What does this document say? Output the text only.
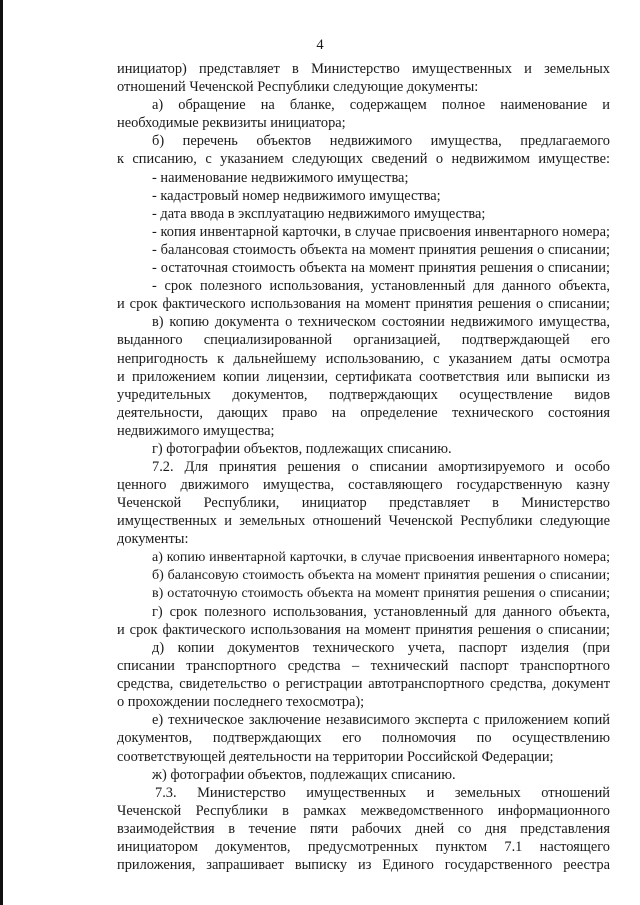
4
инициатор) представляет в Министерство имущественных и земельных
отношений Чеченской Республики следующие документы:
а) обращение на бланке, содержащем полное наименование и
необходимые реквизиты инициатора;
б) перечень объектов недвижимого имущества, предлагаемого
к списанию, с указанием следующих сведений о недвижимом имуществе:
- наименование недвижимого имущества;
- кадастровый номер недвижимого имущества;
- дата ввода в эксплуатацию недвижимого имущества;
- копия инвентарной карточки, в случае присвоения инвентарного номера;
- балансовая стоимость объекта на момент принятия решения о списании;
- остаточная стоимость объекта на момент принятия решения о списании;
- срок полезного использования, установленный для данного объекта,
и срок фактического использования на момент принятия решения о списании;
в) копию документа о техническом состоянии недвижимого имущества,
выданного специализированной организацией, подтверждающей его
непригодность к дальнейшему использованию, с указанием даты осмотра
и приложением копии лицензии, сертификата соответствия или выписки из
учредительных документов, подтверждающих осуществление видов
деятельности, дающих право на определение технического состояния
недвижимого имущества;
г) фотографии объектов, подлежащих списанию.
7.2. Для принятия решения о списании амортизируемого и особо
ценного движимого имущества, составляющего государственную казну
Чеченской Республики, инициатор представляет в Министерство
имущественных и земельных отношений Чеченской Республики следующие
документы:
а) копию инвентарной карточки, в случае присвоения инвентарного номера;
б) балансовую стоимость объекта на момент принятия решения о списании;
в) остаточную стоимость объекта на момент принятия решения о списании;
г) срок полезного использования, установленный для данного объекта,
и срок фактического использования на момент принятия решения о списании;
д) копии документов технического учета, паспорт изделия (при
списании транспортного средства – технический паспорт транспортного
средства, свидетельство о регистрации автотранспортного средства, документ
о прохождении последнего техосмотра);
е) техническое заключение независимого эксперта с приложением копий
документов, подтверждающих его полномочия по осуществлению
соответствующей деятельности на территории Российской Федерации;
ж) фотографии объектов, подлежащих списанию.
7.3. Министерство имущественных и земельных отношений
Чеченской Республики в рамках межведомственного информационного
взаимодействия в течение пяти рабочих дней со дня представления
инициатором документов, предусмотренных пунктом 7.1 настоящего
приложения, запрашивает выписку из Единого государственного реестра
